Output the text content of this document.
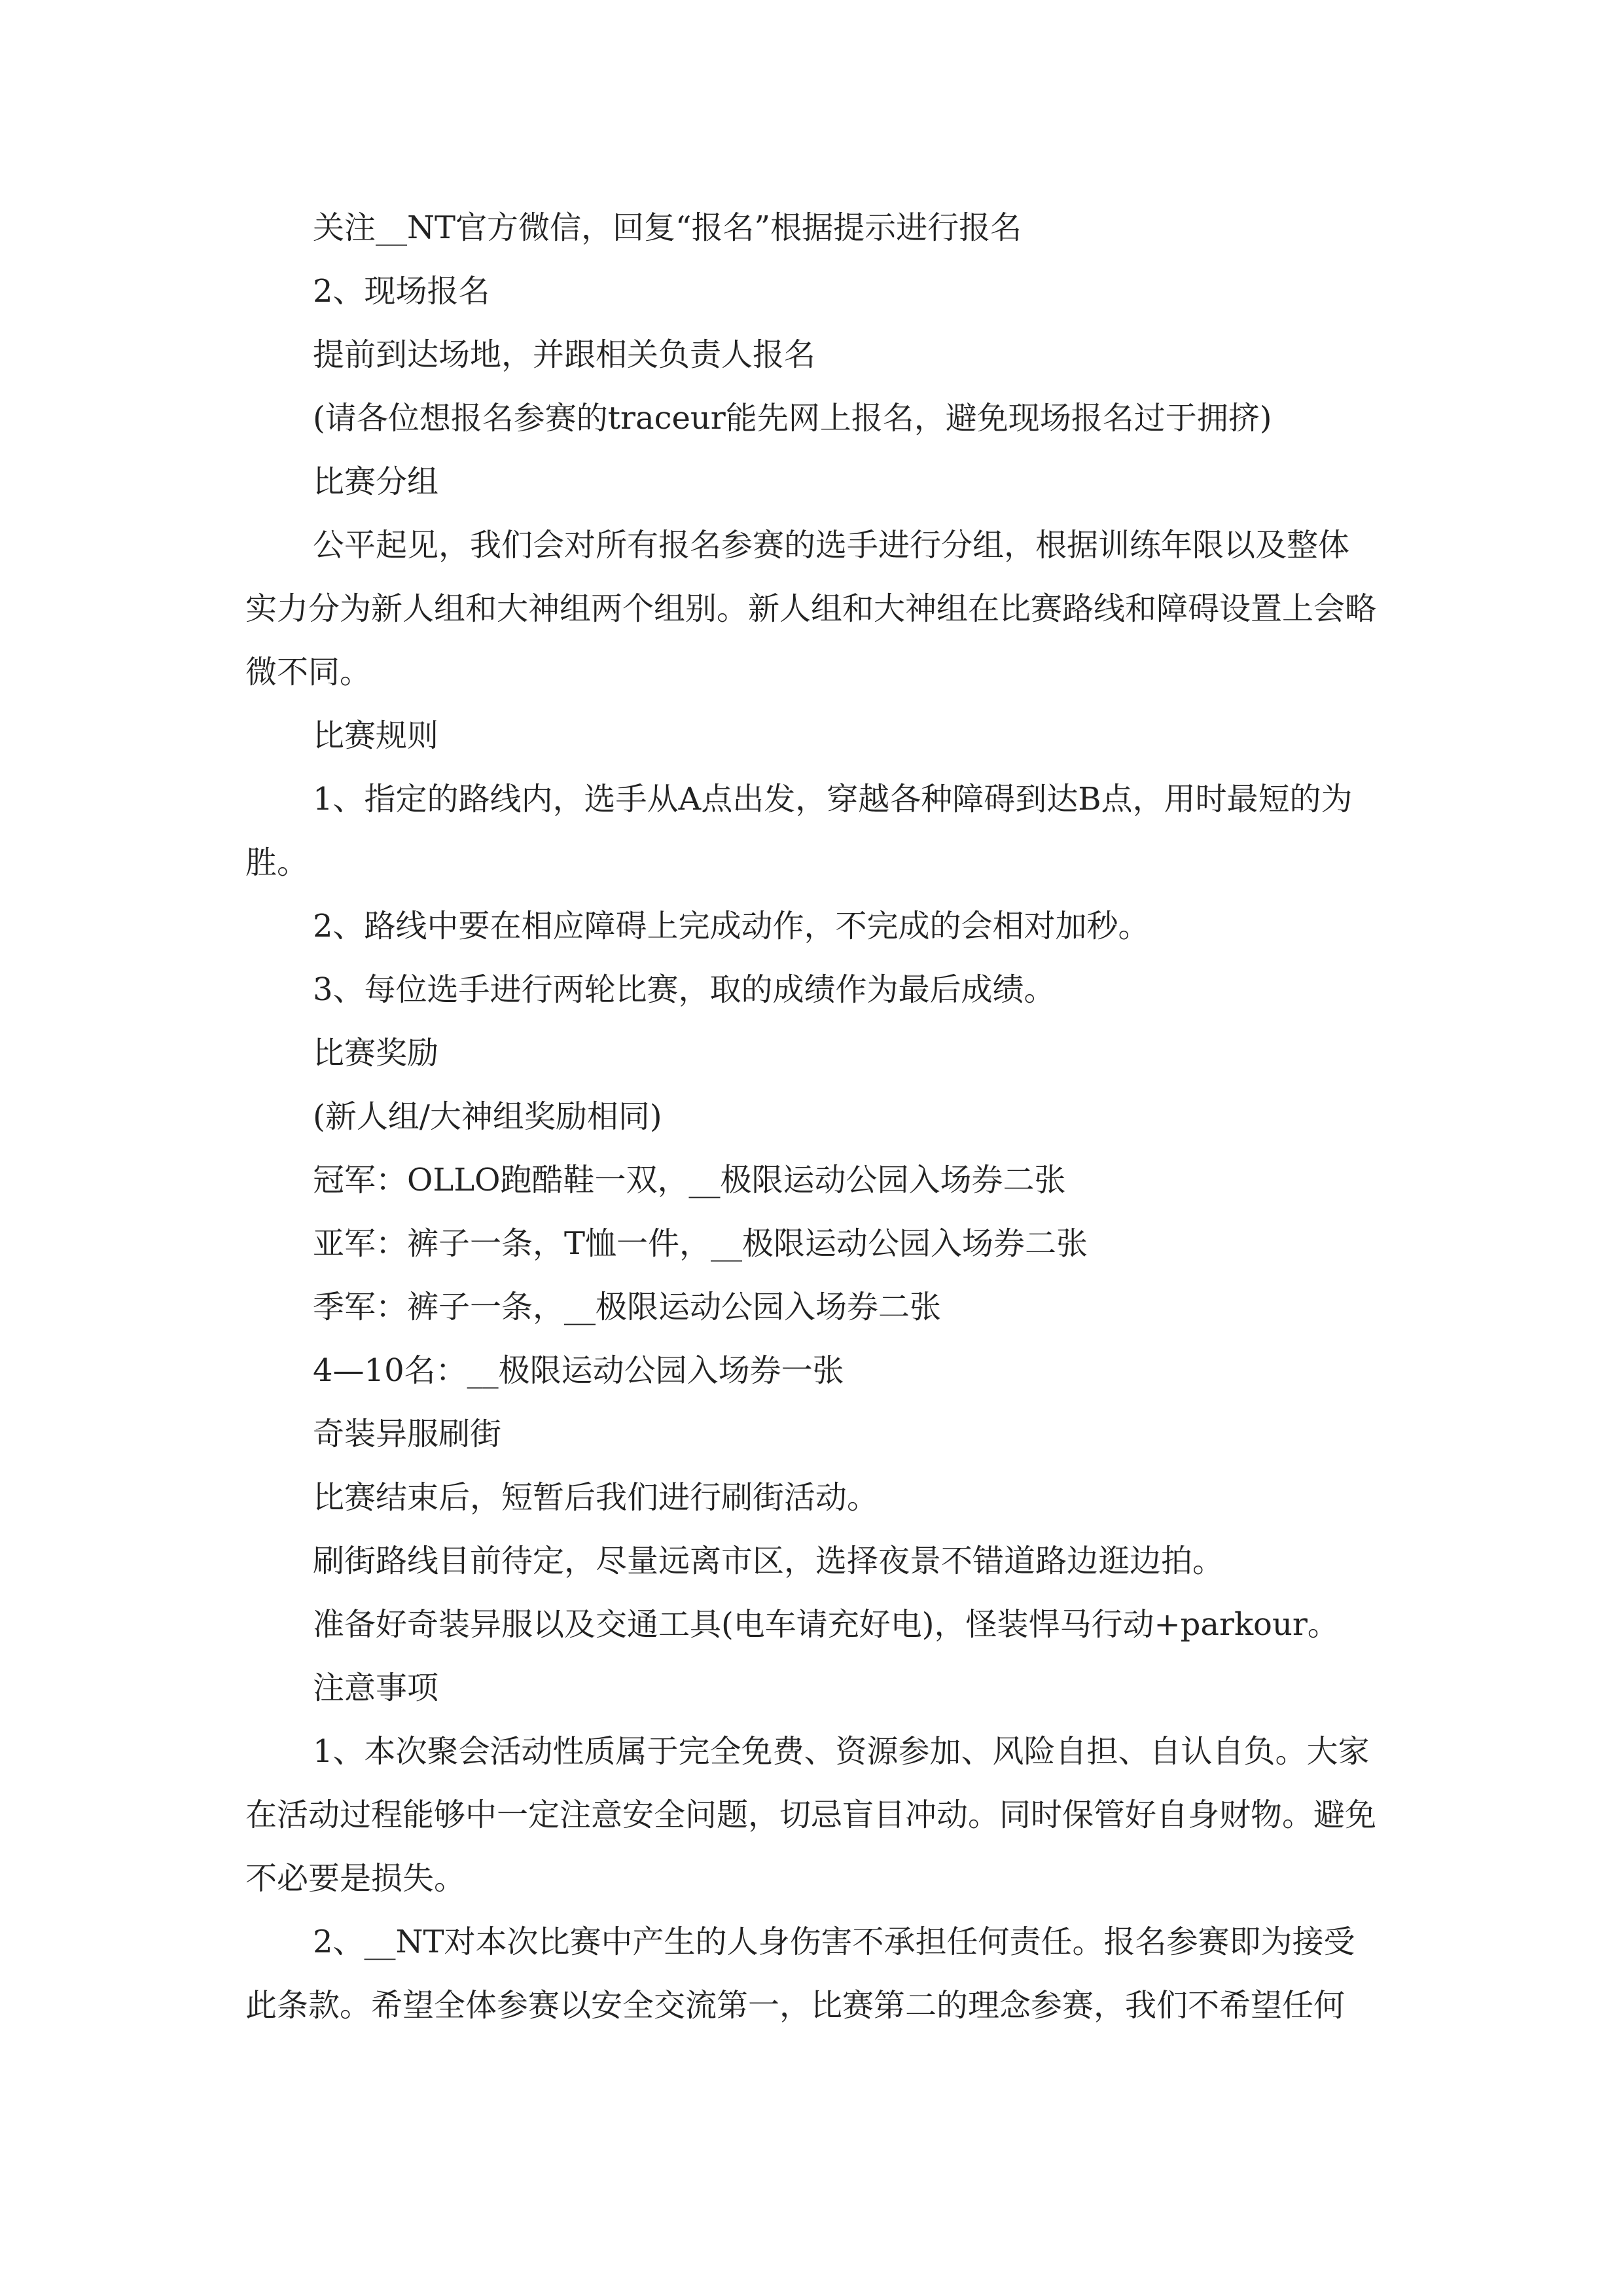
关注__NT官方微信，回复“报名”根据提示进行报名

2、现场报名

提前到达场地，并跟相关负责人报名

(请各位想报名参赛的traceur能先网上报名，避免现场报名过于拥挤)

比赛分组

公平起见，我们会对所有报名参赛的选手进行分组，根据训练年限以及整体实力分为新人组和大神组两个组别。新人组和大神组在比赛路线和障碍设置上会略微不同。

比赛规则

1、指定的路线内，选手从A点出发，穿越各种障碍到达B点，用时最短的为胜。

2、路线中要在相应障碍上完成动作，不完成的会相对加秒。

3、每位选手进行两轮比赛，取的成绩作为最后成绩。

比赛奖励

(新人组/大神组奖励相同)

冠军：OLLO跑酷鞋一双，__极限运动公园入场券二张

亚军：裤子一条，T恤一件，__极限运动公园入场券二张

季军：裤子一条，__极限运动公园入场券二张

4—10名：__极限运动公园入场券一张

奇装异服刷街

比赛结束后，短暂后我们进行刷街活动。

刷街路线目前待定，尽量远离市区，选择夜景不错道路边逛边拍。

准备好奇装异服以及交通工具(电车请充好电)，怪装悍马行动+parkour。

注意事项

1、本次聚会活动性质属于完全免费、资源参加、风险自担、自认自负。大家在活动过程能够中一定注意安全问题，切忌盲目冲动。同时保管好自身财物。避免不必要是损失。

2、__NT对本次比赛中产生的人身伤害不承担任何责任。报名参赛即为接受此条款。希望全体参赛以安全交流第一，比赛第二的理念参赛，我们不希望任何
